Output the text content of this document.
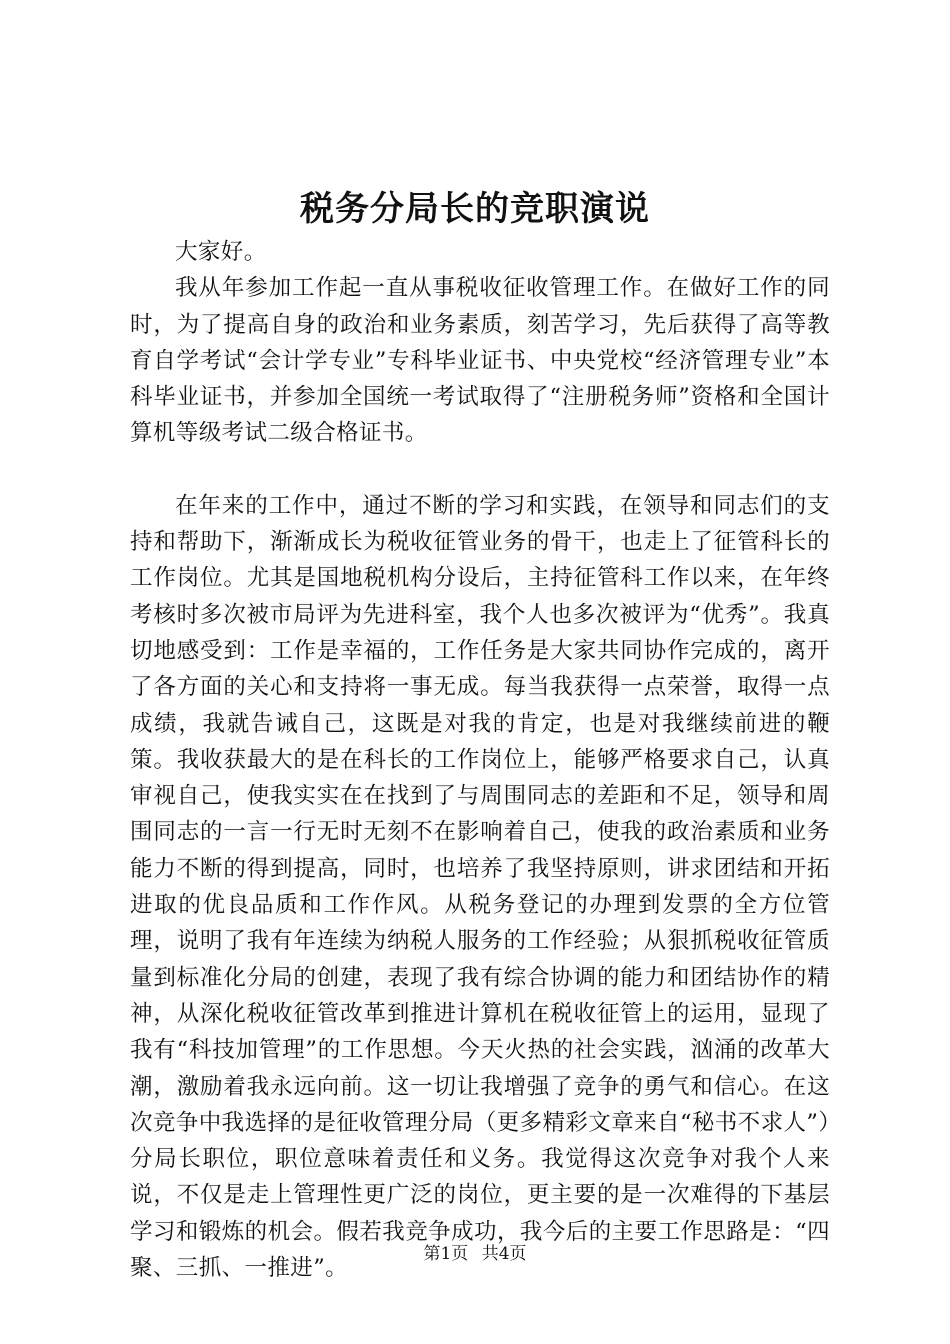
税务分局长的竞职演说

大家好。

我从年参加工作起一直从事税收征收管理工作。在做好工作的同时，为了提高自身的政治和业务素质，刻苦学习，先后获得了高等教育自学考试“会计学专业”专科毕业证书、中央党校“经济管理专业”本科毕业证书，并参加全国统一考试取得了“注册税务师”资格和全国计算机等级考试二级合格证书。

在年来的工作中，通过不断的学习和实践，在领导和同志们的支持和帮助下，渐渐成长为税收征管业务的骨干，也走上了征管科长的工作岗位。尤其是国地税机构分设后，主持征管科工作以来，在年终考核时多次被市局评为先进科室，我个人也多次被评为“优秀”。我真切地感受到：工作是幸福的，工作任务是大家共同协作完成的，离开了各方面的关心和支持将一事无成。每当我获得一点荣誉，取得一点成绩，我就告诫自己，这既是对我的肯定，也是对我继续前进的鞭策。我收获最大的是在科长的工作岗位上，能够严格要求自己，认真审视自己，使我实实在在找到了与周围同志的差距和不足，领导和周围同志的一言一行无时无刻不在影响着自己，使我的政治素质和业务能力不断的得到提高，同时，也培养了我坚持原则，讲求团结和开拓进取的优良品质和工作作风。从税务登记的办理到发票的全方位管理，说明了我有年连续为纳税人服务的工作经验；从狠抓税收征管质量到标准化分局的创建，表现了我有综合协调的能力和团结协作的精神，从深化税收征管改革到推进计算机在税收征管上的运用，显现了我有“科技加管理”的工作思想。今天火热的社会实践，汹涌的改革大潮，激励着我永远向前。这一切让我增强了竞争的勇气和信心。在这次竞争中我选择的是征收管理分局（更多精彩文章来自“秘书不求人”）分局长职位，职位意味着责任和义务。我觉得这次竞争对我个人来说，不仅是走上管理性更广泛的岗位，更主要的是一次难得的下基层学习和锻炼的机会。假若我竞争成功，我今后的主要工作思路是：“四聚、三抓、一推进”。

第1页 共4页
